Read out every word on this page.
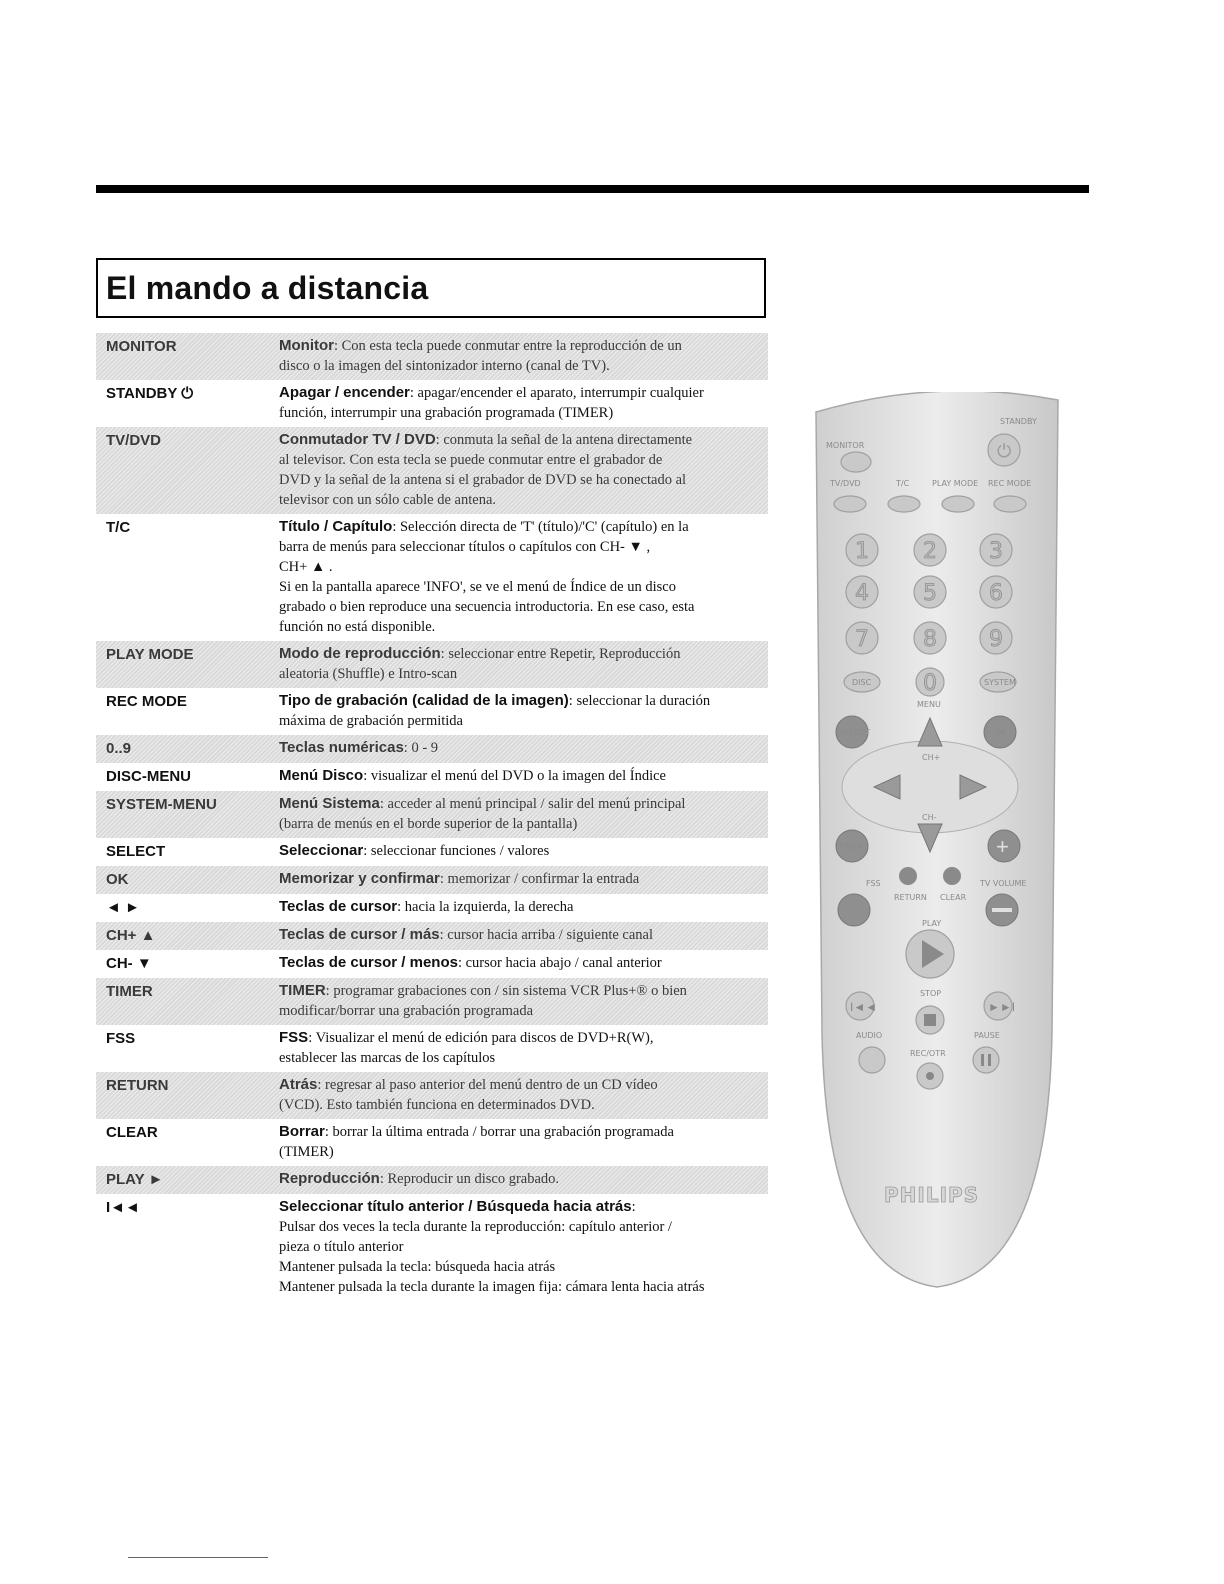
El mando a distancia
MONITOR	Monitor: Con esta tecla puede conmutar entre la reproducción de un
disco o la imagen del sintonizador interno (canal de TV).
STANDBY ⏻	Apagar / encender: apagar/encender el aparato, interrumpir cualquier
función, interrumpir una grabación programada (TIMER)
TV/DVD	Conmutador TV / DVD: conmuta la señal de la antena directamente
al televisor. Con esta tecla se puede conmutar entre el grabador de
DVD y la señal de la antena si el grabador de DVD se ha conectado al
televisor con un sólo cable de antena.
T/C	Título / Capítulo: Selección directa de 'T' (título)/'C' (capítulo) en la
barra de menús para seleccionar títulos o capítulos con CH- ▼ ,
CH+ ▲ .
Si en la pantalla aparece 'INFO', se ve el menú de Índice de un disco
grabado o bien reproduce una secuencia introductoria. En ese caso, esta
función no está disponible.
PLAY MODE	Modo de reproducción: seleccionar entre Repetir, Reproducción
aleatoria (Shuffle) e Intro-scan
REC MODE	Tipo de grabación (calidad de la imagen): seleccionar la duración
máxima de grabación permitida
0..9	Teclas numéricas: 0 - 9
DISC-MENU	Menú Disco: visualizar el menú del DVD o la imagen del Índice
SYSTEM-MENU	Menú Sistema: acceder al menú principal / salir del menú principal
(barra de menús en el borde superior de la pantalla)
SELECT	Seleccionar: seleccionar funciones / valores
OK	Memorizar y confirmar: memorizar / confirmar la entrada
◄ ►	Teclas de cursor: hacia la izquierda, la derecha
CH+ ▲	Teclas de cursor / más: cursor hacia arriba / siguiente canal
CH- ▼	Teclas de cursor / menos: cursor hacia abajo / canal anterior
TIMER	TIMER: programar grabaciones con / sin sistema VCR Plus+® o bien
modificar/borrar una grabación programada
FSS	FSS: Visualizar el menú de edición para discos de DVD+R(W),
establecer las marcas de los capítulos
RETURN	Atrás: regresar al paso anterior del menú dentro de un CD vídeo
(VCD). Esto también funciona en determinados DVD.
CLEAR	Borrar: borrar la última entrada / borrar una grabación programada
(TIMER)
PLAY ►	Reproducción: Reproducir un disco grabado.
I◄◄	Seleccionar título anterior / Búsqueda hacia atrás:
Pulsar dos veces la tecla durante la reproducción: capítulo anterior /
pieza o título anterior
Mantener pulsada la tecla: búsqueda hacia atrás
Mantener pulsada la tecla durante la imagen fija: cámara lenta hacia atrás
MONITOR
STANDBY
⏻
TV/DVD	T/C	PLAY MODE REC MODE
1 2 3
4 5 6
7 8 9
0
DISC	SYSTEM
MENU
SELECT	OK
CH+
CH-
TIMER	+
FSS
RETURN CLEAR
TV VOLUME
PLAY
STOP
I◄◄	►►I
AUDIO	PAUSE
REC/OTR
PHILIPS
